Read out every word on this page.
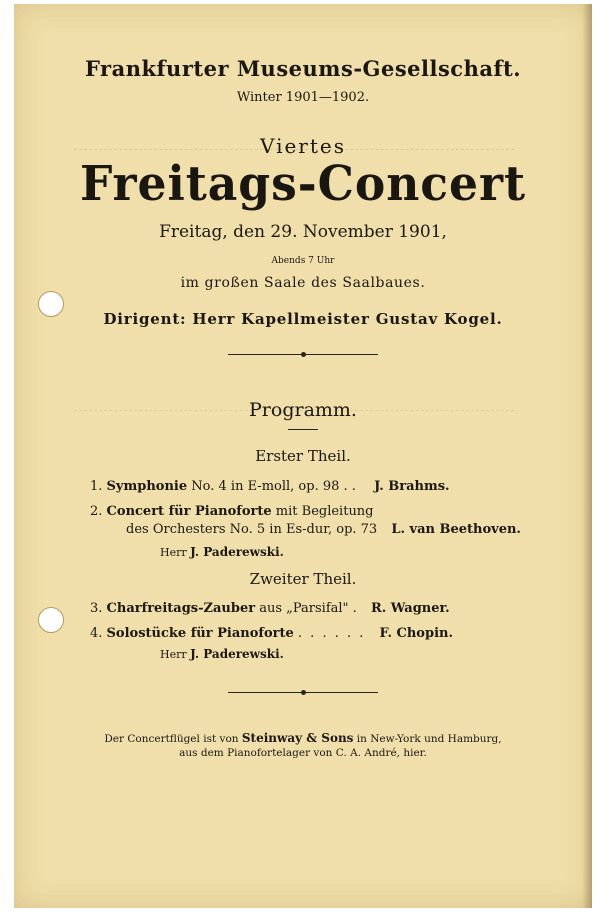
Frankfurter Museums-Gesellschaft.
Winter 1901—1902.
Viertes
Freitags-Concert
Freitag, den 29. November 1901,
Abends 7 Uhr
im großen Saale des Saalbaues.
Dirigent: Herr Kapellmeister Gustav Kogel.
Programm.
Erster Theil.
1. Symphonie No. 4 in E-moll, op. 98 . . J. Brahms.
2. Concert für Pianoforte mit Begleitung
des Orchesters No. 5 in Es-dur, op. 73 L. van Beethoven.
Herr J. Paderewski.
Zweiter Theil.
3. Charfreitags-Zauber aus „Parsifal" . R. Wagner.
4. Solostücke für Pianoforte . . . . . . F. Chopin.
Herr J. Paderewski.
Der Concertflügel ist von Steinway & Sons in New-York und Hamburg,
aus dem Pianofortelager von C. A. André, hier.
